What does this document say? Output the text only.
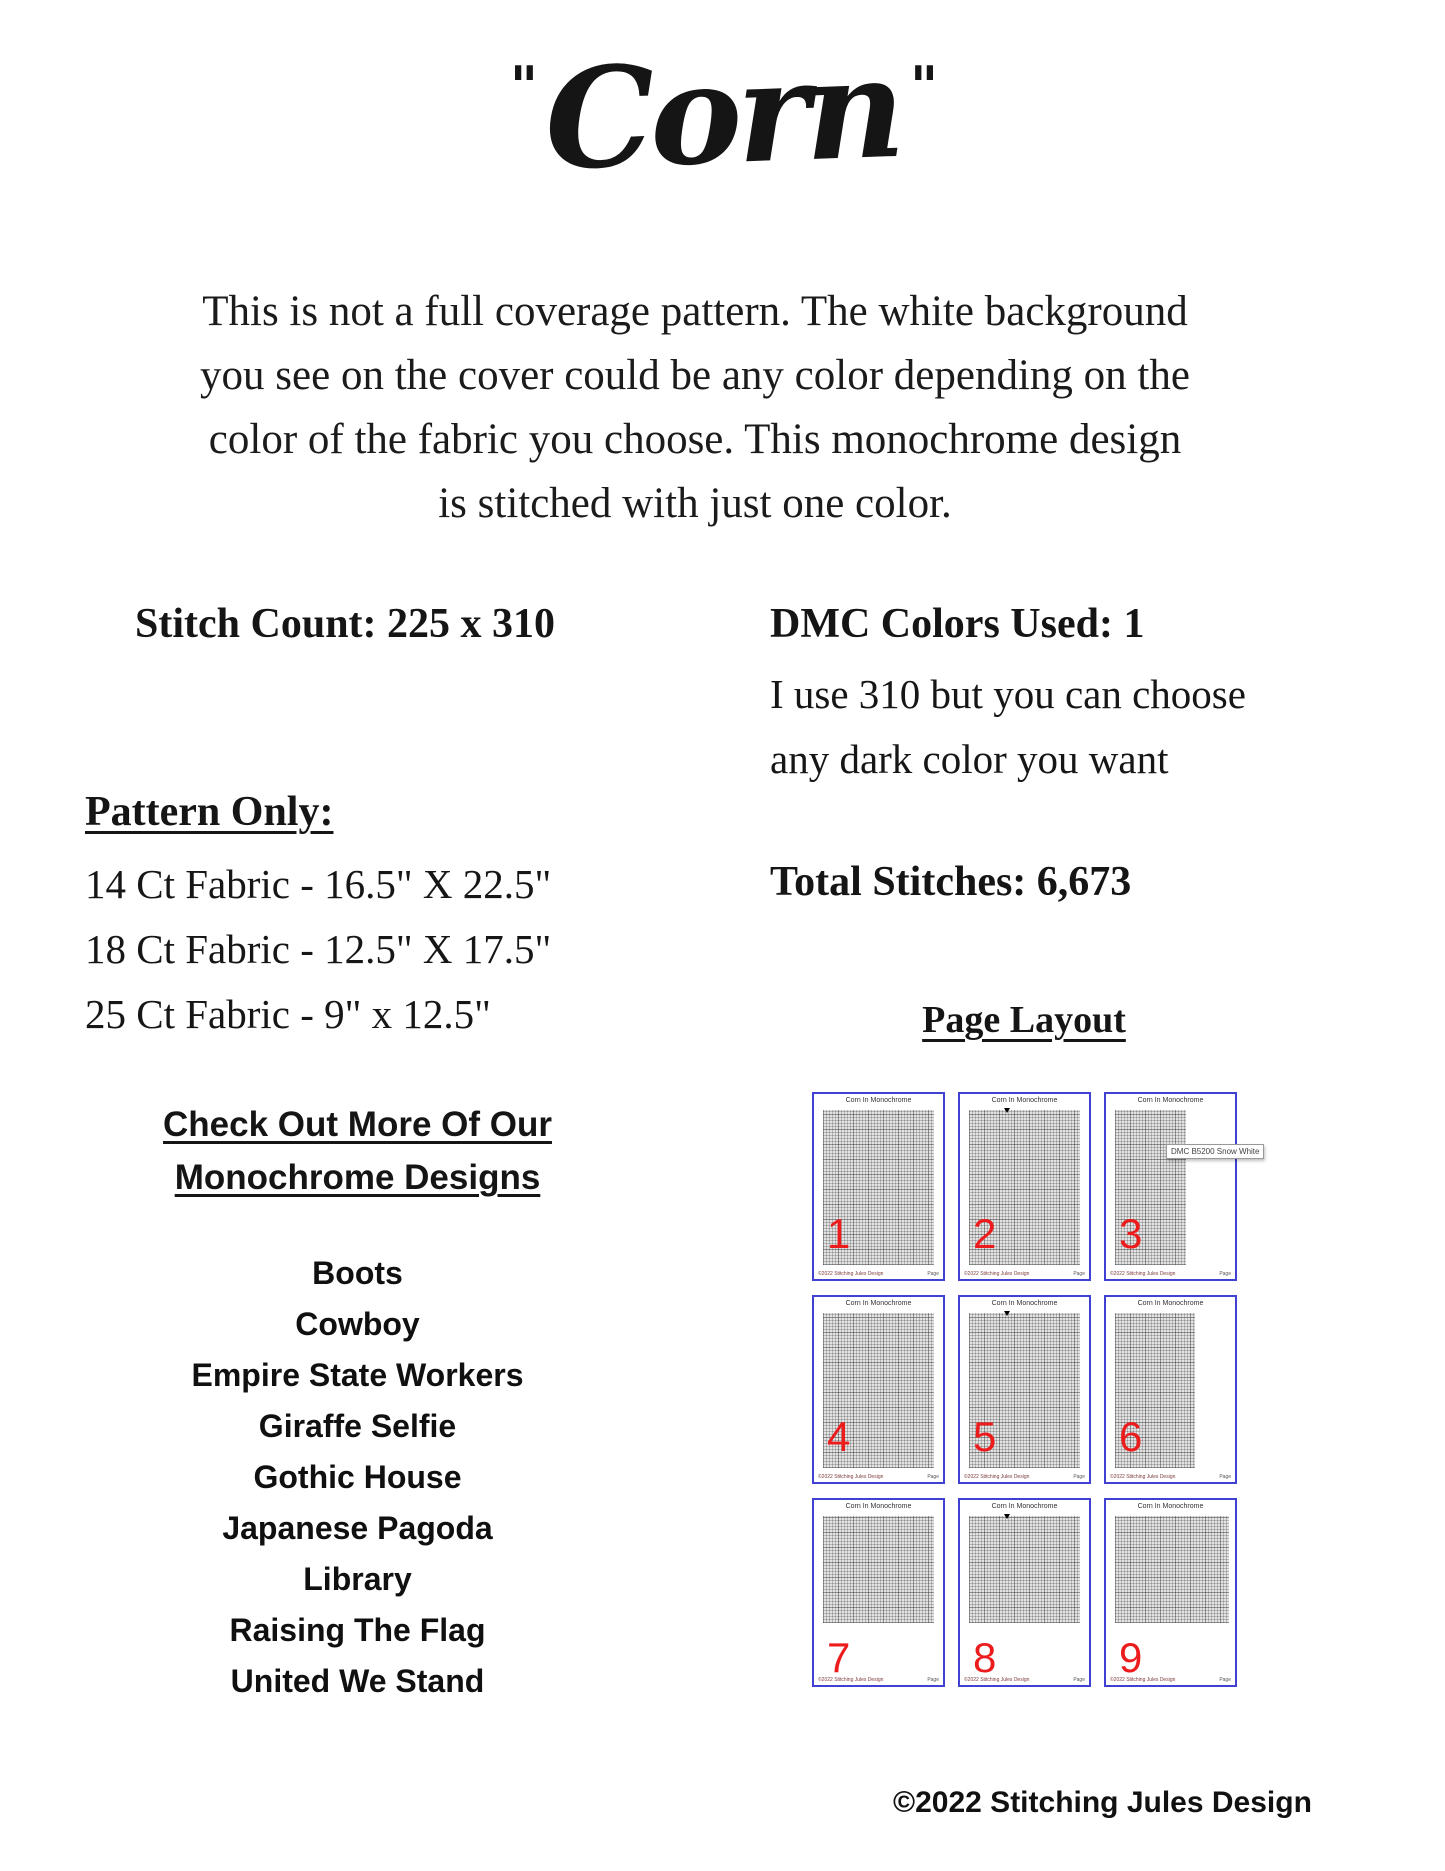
" Corn "
This is not a full coverage pattern. The white background
you see on the cover could be any color depending on the
color of the fabric you choose. This monochrome design
is stitched with just one color.
Stitch Count: 225 x 310
Pattern Only:
14 Ct Fabric - 16.5" X 22.5"
18 Ct Fabric - 12.5" X 17.5"
25 Ct Fabric - 9" x 12.5"
Check Out More Of Our
Monochrome Designs
Boots
Cowboy
Empire State Workers
Giraffe Selfie
Gothic House
Japanese Pagoda
Library
Raising The Flag
United We Stand
DMC Colors Used: 1
I use 310 but you can choose
any dark color you want
Total Stitches: 6,673
Page Layout
Corn In Monochrome
1
©2022 Stitching Jules Design	Page
Corn In Monochrome
2
©2022 Stitching Jules Design	Page
Corn In Monochrome
DMC B5200 Snow White
3
©2022 Stitching Jules Design	Page
Corn In Monochrome
4
©2022 Stitching Jules Design	Page
Corn In Monochrome
5
©2022 Stitching Jules Design	Page
Corn In Monochrome
6
©2022 Stitching Jules Design	Page
Corn In Monochrome
7
©2022 Stitching Jules Design	Page
Corn In Monochrome
8
©2022 Stitching Jules Design	Page
Corn In Monochrome
9
©2022 Stitching Jules Design	Page
©2022 Stitching Jules Design
